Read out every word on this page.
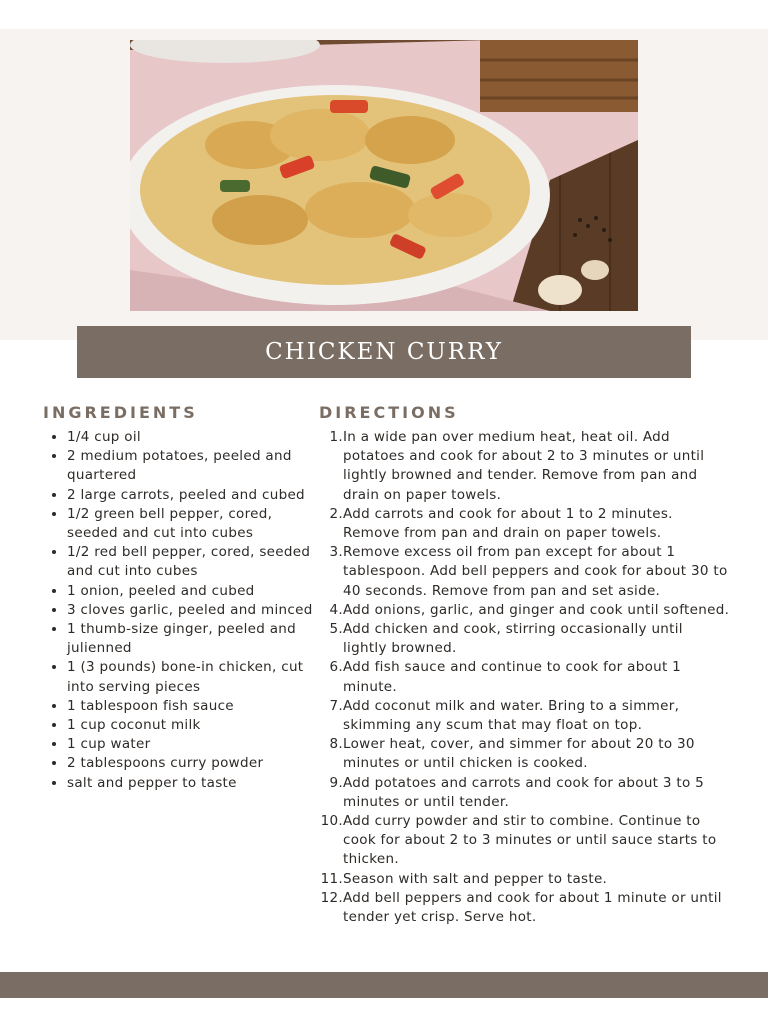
CHICKEN CURRY
INGREDIENTS	DIRECTIONS
• 1/4 cup oil
• 2 medium potatoes, peeled and quartered
• 2 large carrots, peeled and cubed
• 1/2 green bell pepper, cored, seeded and cut into cubes
• 1/2 red bell pepper, cored, seeded and cut into cubes
• 1 onion, peeled and cubed
• 3 cloves garlic, peeled and minced
• 1 thumb-size ginger, peeled and julienned
• 1 (3 pounds) bone-in chicken, cut into serving pieces
• 1 tablespoon fish sauce
• 1 cup coconut milk
• 1 cup water
• 2 tablespoons curry powder
• salt and pepper to taste
1. In a wide pan over medium heat, heat oil. Add potatoes and cook for about 2 to 3 minutes or until lightly browned and tender. Remove from pan and drain on paper towels.
2. Add carrots and cook for about 1 to 2 minutes. Remove from pan and drain on paper towels.
3. Remove excess oil from pan except for about 1 tablespoon. Add bell peppers and cook for about 30 to 40 seconds. Remove from pan and set aside.
4. Add onions, garlic, and ginger and cook until softened.
5. Add chicken and cook, stirring occasionally until lightly browned.
6. Add fish sauce and continue to cook for about 1 minute.
7. Add coconut milk and water. Bring to a simmer, skimming any scum that may float on top.
8. Lower heat, cover, and simmer for about 20 to 30 minutes or until chicken is cooked.
9. Add potatoes and carrots and cook for about 3 to 5 minutes or until tender.
10. Add curry powder and stir to combine. Continue to cook for about 2 to 3 minutes or until sauce starts to thicken.
11. Season with salt and pepper to taste.
12. Add bell peppers and cook for about 1 minute or until tender yet crisp. Serve hot.
